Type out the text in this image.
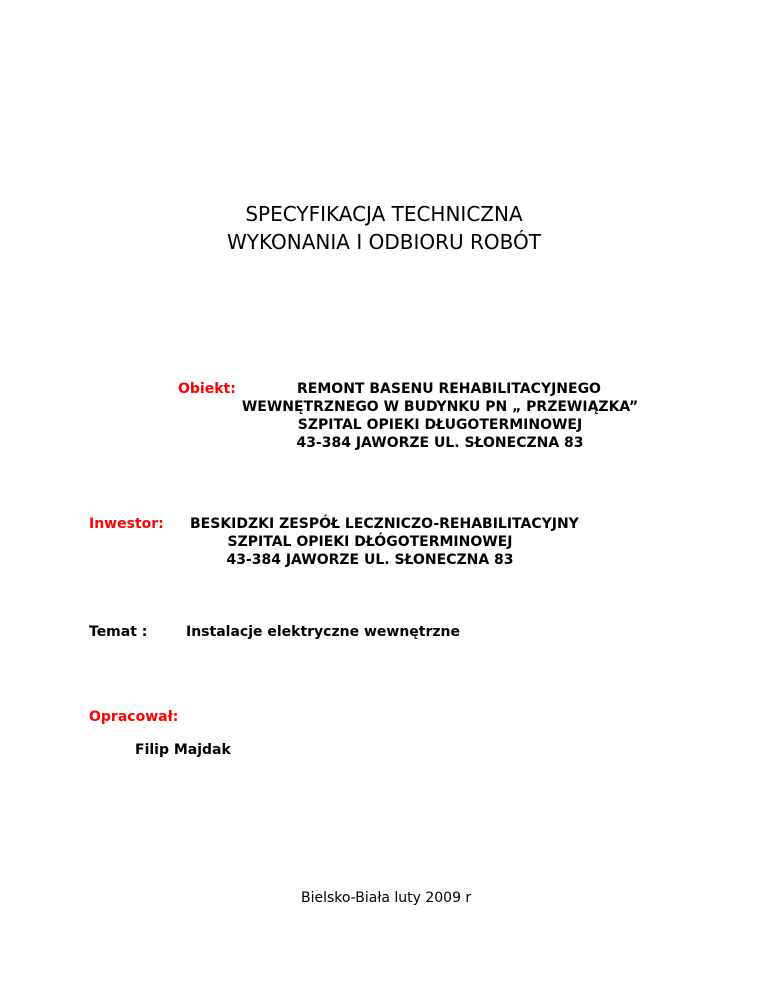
SPECYFIKACJA TECHNICZNA
WYKONANIA I ODBIORU ROBÓT
Obiekt:	REMONT BASENU REHABILITACYJNEGO
WEWNĘTRZNEGO W BUDYNKU PN „ PRZEWIĄZKA”
SZPITAL OPIEKI DŁUGOTERMINOWEJ
43-384 JAWORZE UL. SŁONECZNA 83
Inwestor: BESKIDZKI ZESPÓŁ LECZNICZO-REHABILITACYJNY
SZPITAL OPIEKI DŁÓGOTERMINOWEJ
43-384 JAWORZE UL. SŁONECZNA 83
Temat :	Instalacje elektryczne wewnętrzne
Opracował:
Filip Majdak
Bielsko-Biała luty 2009 r
